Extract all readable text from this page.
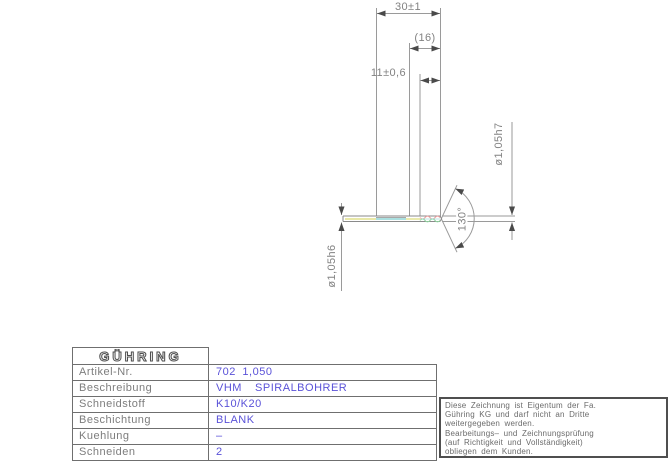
30±1
(16)
11±0,6
ø1,05h7
ø1,05h6
130°
GÜHRING
Artikel-Nr.	702 1,050
Beschreibung	VHM  SPIRALBOHRER
Schneidstoff	K10/K20
Beschichtung	BLANK
Kuehlung	–
Schneiden	2
Diese Zeichnung ist Eigentum der Fa.
Gühring KG und darf nicht an Dritte
weitergegeben werden.
Bearbeitungs– und Zeichnungsprüfung
(auf Richtigkeit und Vollständigkeit)
obliegen dem Kunden.
